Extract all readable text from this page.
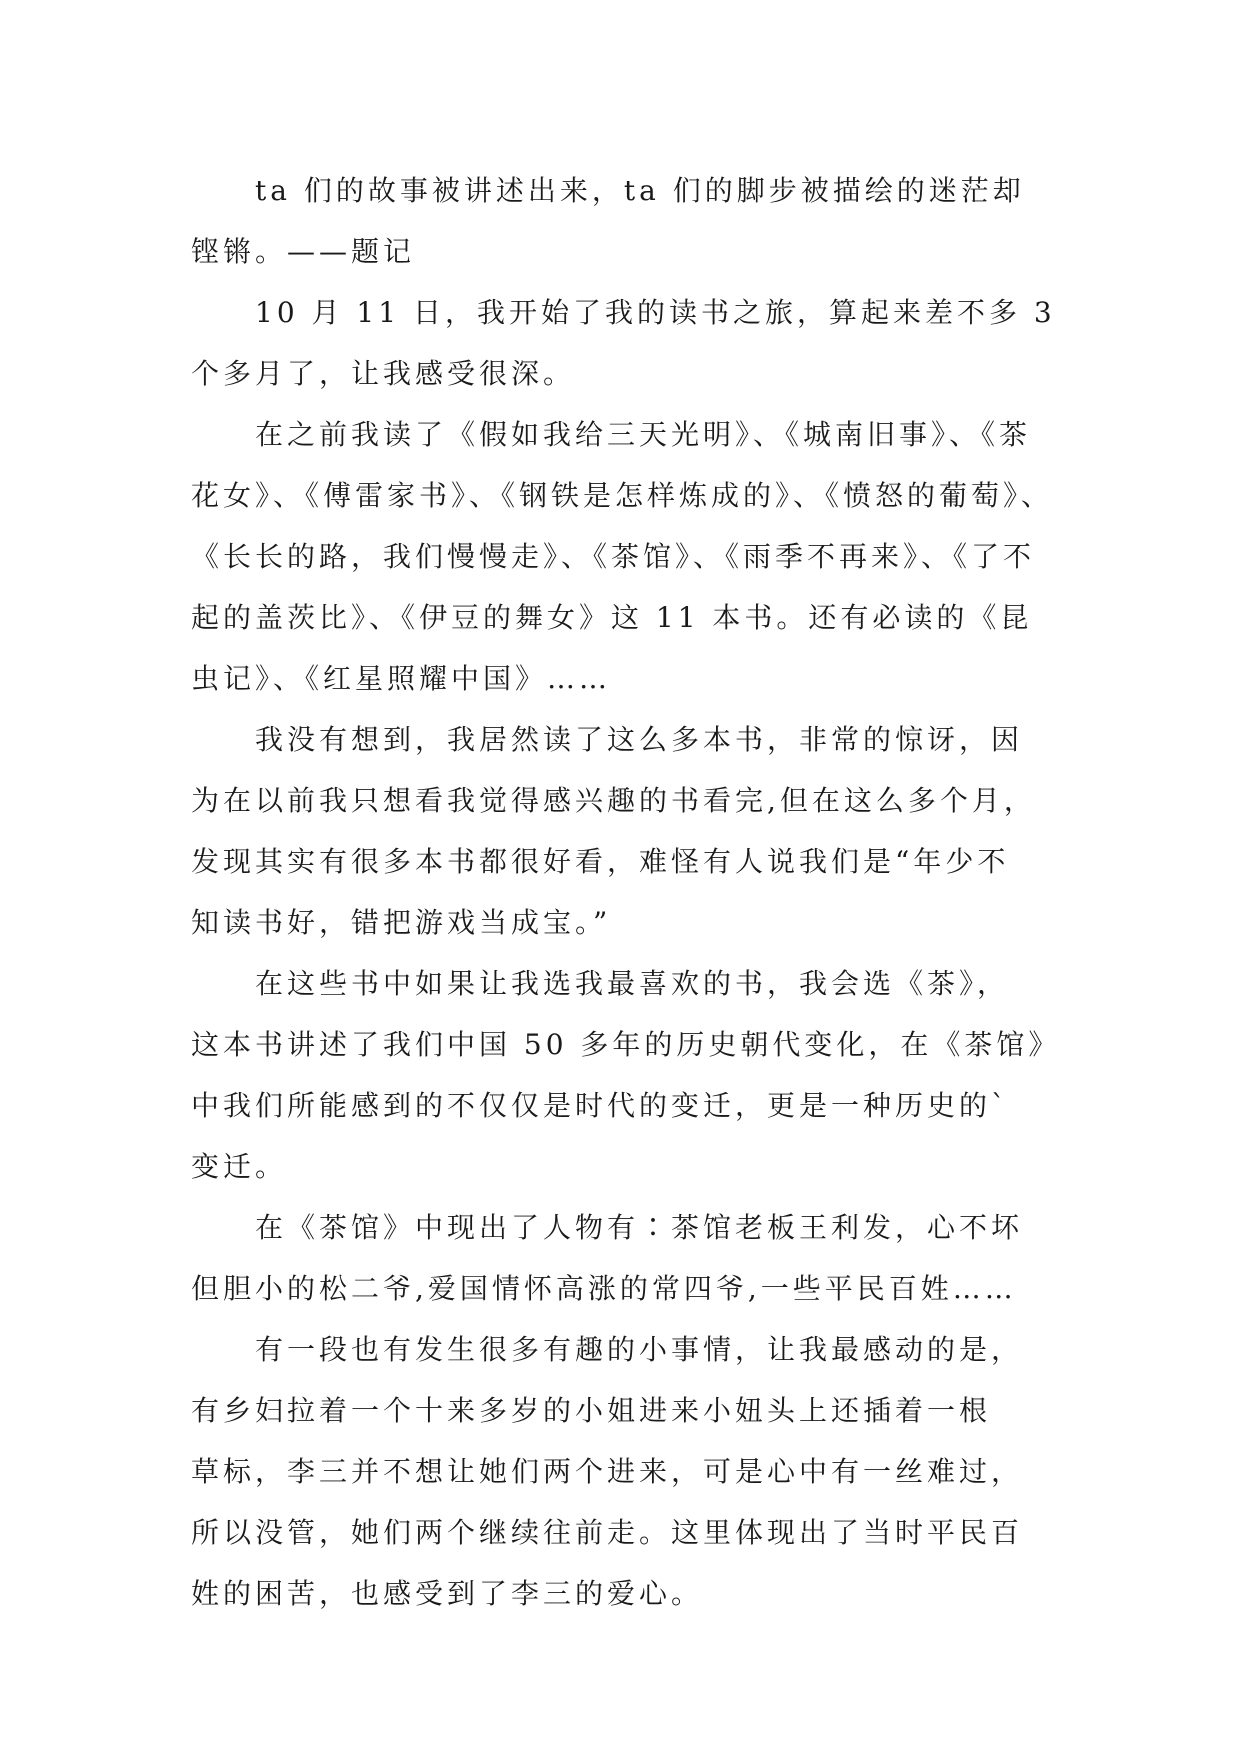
ta 们的故事被讲述出来，ta 们的脚步被描绘的迷茫却
铿锵。——题记
10 月 11 日，我开始了我的读书之旅，算起来差不多 3
个多月了，让我感受很深。
在之前我读了《假如我给三天光明》、《城南旧事》、《茶
花女》、《傅雷家书》、《钢铁是怎样炼成的》、《愤怒的葡萄》、
《长长的路，我们慢慢走》、《茶馆》、《雨季不再来》、《了不
起的盖茨比》、《伊豆的舞女》这 11 本书。还有必读的《昆
虫记》、《红星照耀中国》……
我没有想到，我居然读了这么多本书，非常的惊讶，因
为在以前我只想看我觉得感兴趣的书看完,但在这么多个月，
发现其实有很多本书都很好看，难怪有人说我们是“年少不
知读书好，错把游戏当成宝。”
在这些书中如果让我选我最喜欢的书，我会选《茶》，
这本书讲述了我们中国 50 多年的历史朝代变化，在《茶馆》
中我们所能感到的不仅仅是时代的变迁，更是一种历史的`
变迁。
在《茶馆》中现出了人物有∶茶馆老板王利发，心不坏
但胆小的松二爷,爱国情怀高涨的常四爷,一些平民百姓……
有一段也有发生很多有趣的小事情，让我最感动的是，
有乡妇拉着一个十来多岁的小姐进来小妞头上还插着一根
草标，李三并不想让她们两个进来，可是心中有一丝难过，
所以没管，她们两个继续往前走。这里体现出了当时平民百
姓的困苦，也感受到了李三的爱心。
